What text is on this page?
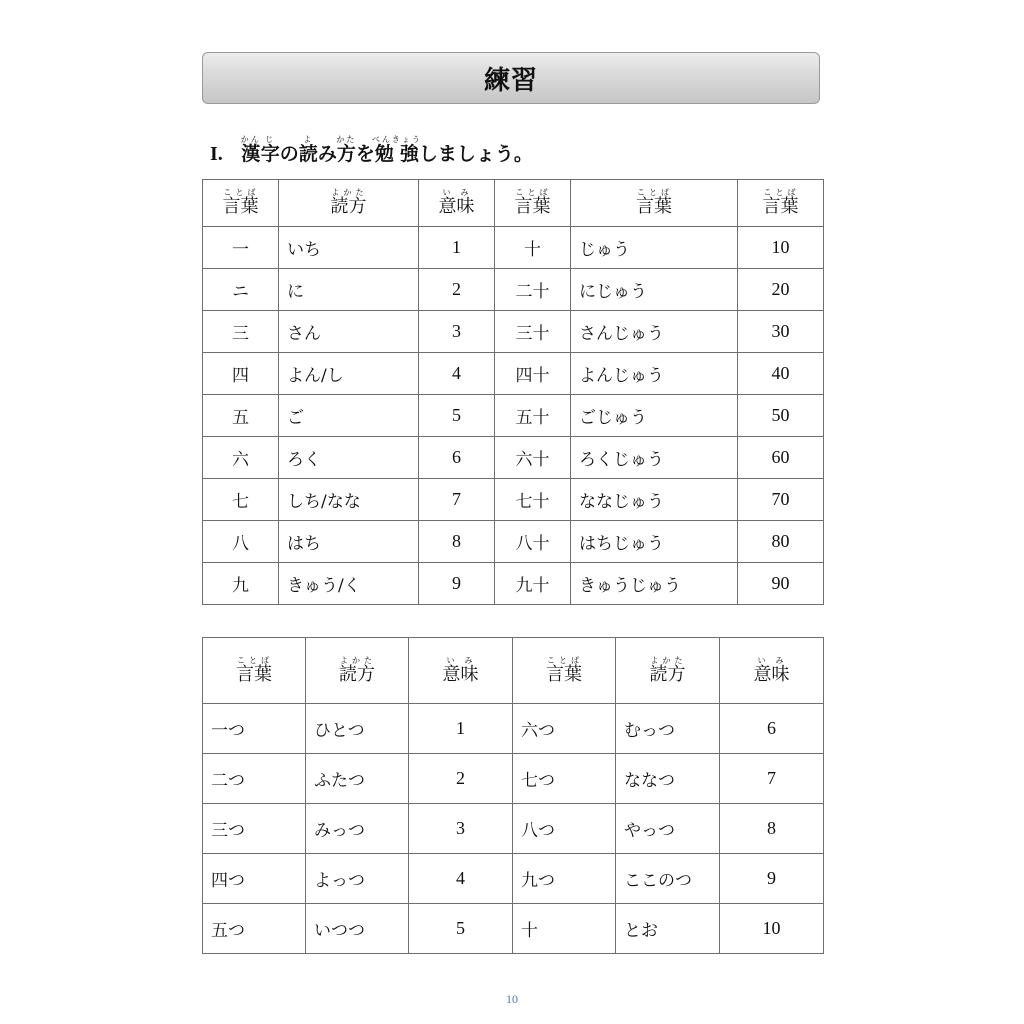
練習
I. 漢かん字じの読よみ方かたを勉強べんきょうしましょう。
言葉ことば	読方よかた	意味いみ	言葉ことば	言葉ことば	言葉ことば
一	いち	1	十	じゅう	10
ニ	に	2	二十	にじゅう	20
三	さん	3	三十	さんじゅう	30
四	よん/し	4	四十	よんじゅう	40
五	ご	5	五十	ごじゅう	50
六	ろく	6	六十	ろくじゅう	60
七	しち/なな	7	七十	ななじゅう	70
八	はち	8	八十	はちじゅう	80
九	きゅう/く	9	九十	きゅうじゅう	90
言葉ことば	読方よかた	意味いみ	言葉ことば	読方よかた	意味いみ
一つ	ひとつ	1	六つ	むっつ	6
二つ	ふたつ	2	七つ	ななつ	7
三つ	みっつ	3	八つ	やっつ	8
四つ	よっつ	4	九つ	ここのつ	9
五つ	いつつ	5	十	とお	10
10
